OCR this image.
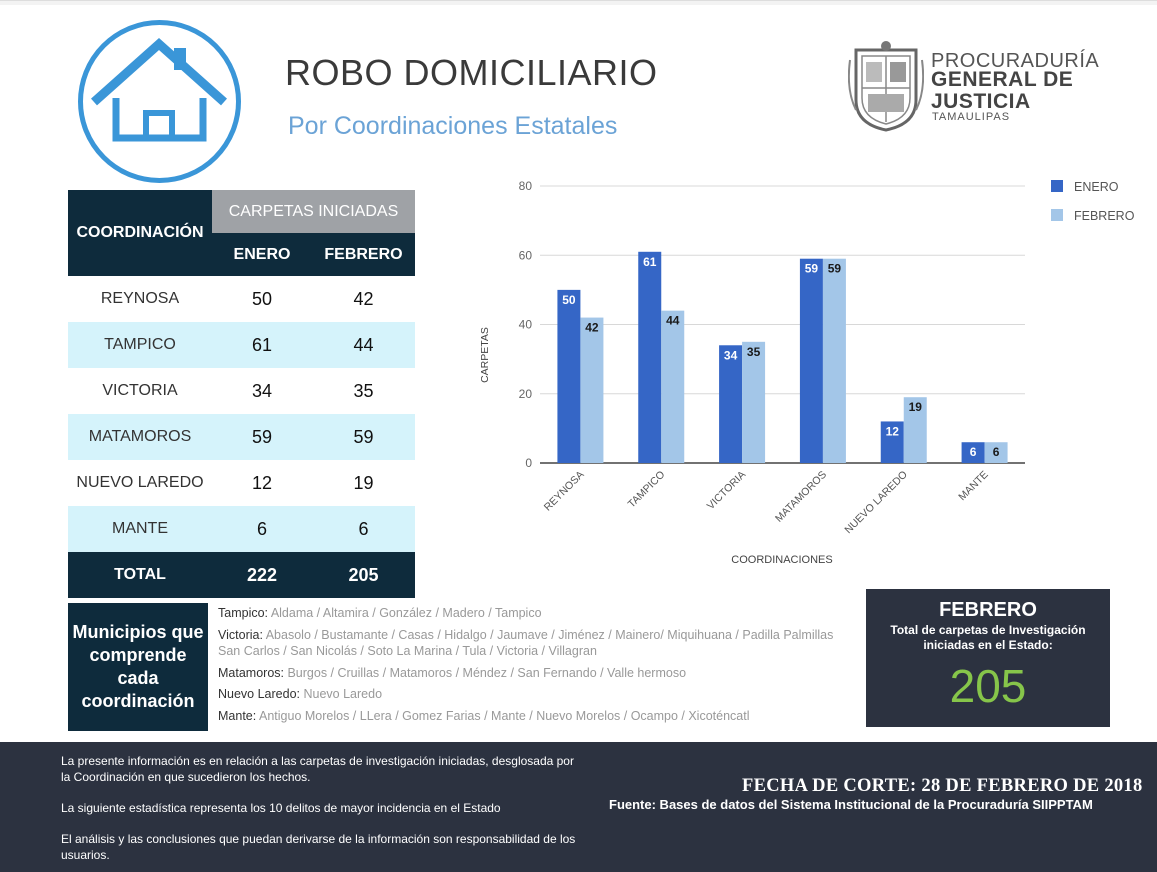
ROBO DOMICILIARIO
Por Coordinaciones Estatales
PROCURADURÍA
GENERAL DE
JUSTICIA
TAMAULIPAS
COORDINACIÓN
CARPETAS INICIADAS
ENERO	FEBRERO
REYNOSA	50	42
TAMPICO	61	44
VICTORIA	34	35
MATAMOROS	59	59
NUEVO LAREDO	12	19
MANTE	6	6
TOTAL	222	205
0
20
40
60
80
50
42
REYNOSA
61
44
TAMPICO
34 35
VICTORIA
59 59
MATAMOROS
12
19
NUEVO LAREDO
6 6
MANTE
COORDINACIONES
CARPETAS
ENERO
FEBRERO
Municipios que comprende cada coordinación
Tampico: Aldama / Altamira / González / Madero / Tampico
Victoria: Abasolo / Bustamante / Casas / Hidalgo / Jaumave / Jiménez / Mainero/ Miquihuana / Padilla Palmillas San Carlos / San Nicolás / Soto La Marina / Tula / Victoria / Villagran
Matamoros: Burgos / Cruillas / Matamoros / Méndez / San Fernando / Valle hermoso
Nuevo Laredo: Nuevo Laredo
Mante: Antiguo Morelos / LLera / Gomez Farias / Mante / Nuevo Morelos / Ocampo / Xicoténcatl
FEBRERO
Total de carpetas de Investigación iniciadas en el Estado:
205
La presente información es en relación a las carpetas de investigación iniciadas, desglosada por la Coordinación en que sucedieron los hechos.
La siguiente estadística representa los 10 delitos de mayor incidencia en el Estado
El análisis y las conclusiones que puedan derivarse de la información son responsabilidad de los usuarios.
FECHA DE CORTE: 28 DE FEBRERO DE 2018
Fuente: Bases de datos del Sistema Institucional de la Procuraduría SIIPPTAM
